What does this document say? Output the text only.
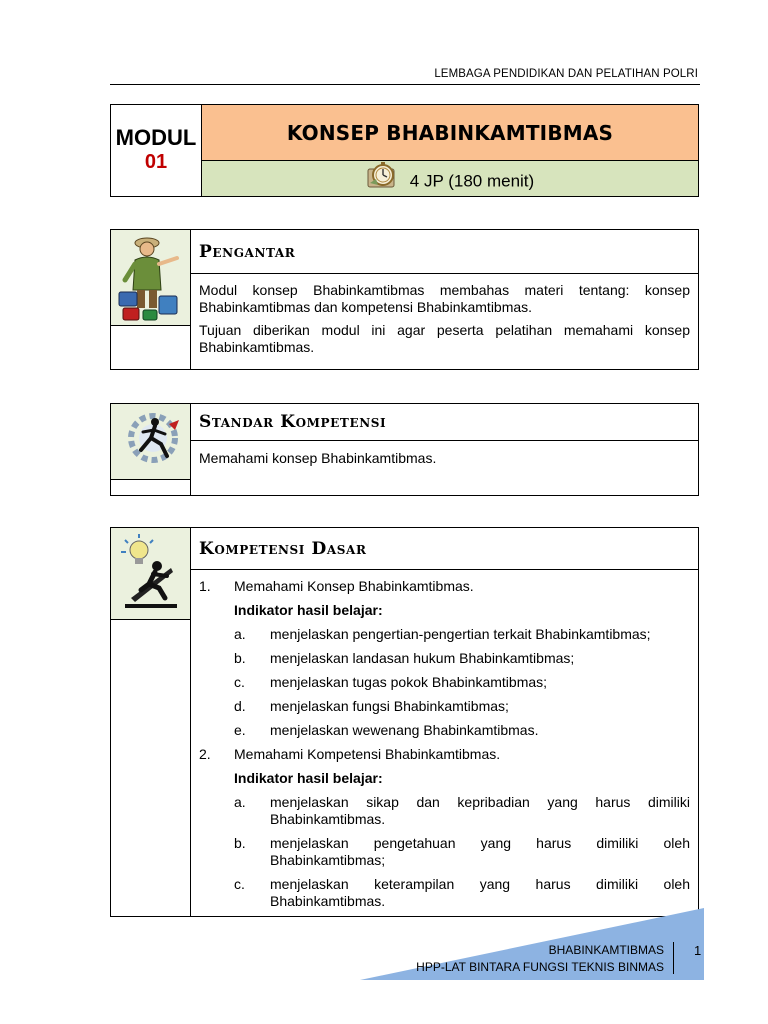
LEMBAGA PENDIDIKAN DAN PELATIHAN POLRI
MODUL
01
KONSEP BHABINKAMTIBMAS
4 JP (180 menit)
Pengantar

Modul konsep Bhabinkamtibmas membahas materi tentang: konsep Bhabinkamtibmas dan kompetensi Bhabinkamtibmas.

Tujuan diberikan modul ini agar peserta pelatihan memahami konsep Bhabinkamtibmas.

Standar Kompetensi

Memahami konsep Bhabinkamtibmas.

Kompetensi Dasar
1. Memahami Konsep Bhabinkamtibmas.
Indikator hasil belajar:
a. menjelaskan pengertian-pengertian terkait Bhabinkamtibmas;
b. menjelaskan landasan hukum Bhabinkamtibmas;
c. menjelaskan tugas pokok Bhabinkamtibmas;
d. menjelaskan fungsi Bhabinkamtibmas;
e. menjelaskan wewenang Bhabinkamtibmas.
2. Memahami Kompetensi Bhabinkamtibmas.
Indikator hasil belajar:
a. menjelaskan sikap dan kepribadian yang harus dimiliki Bhabinkamtibmas.
b. menjelaskan pengetahuan yang harus dimiliki oleh Bhabinkamtibmas;
c. menjelaskan keterampilan yang harus dimiliki oleh Bhabinkamtibmas.
BHABINKAMTIBMAS
HPP-LAT BINTARA FUNGSI TEKNIS BINMAS
1
